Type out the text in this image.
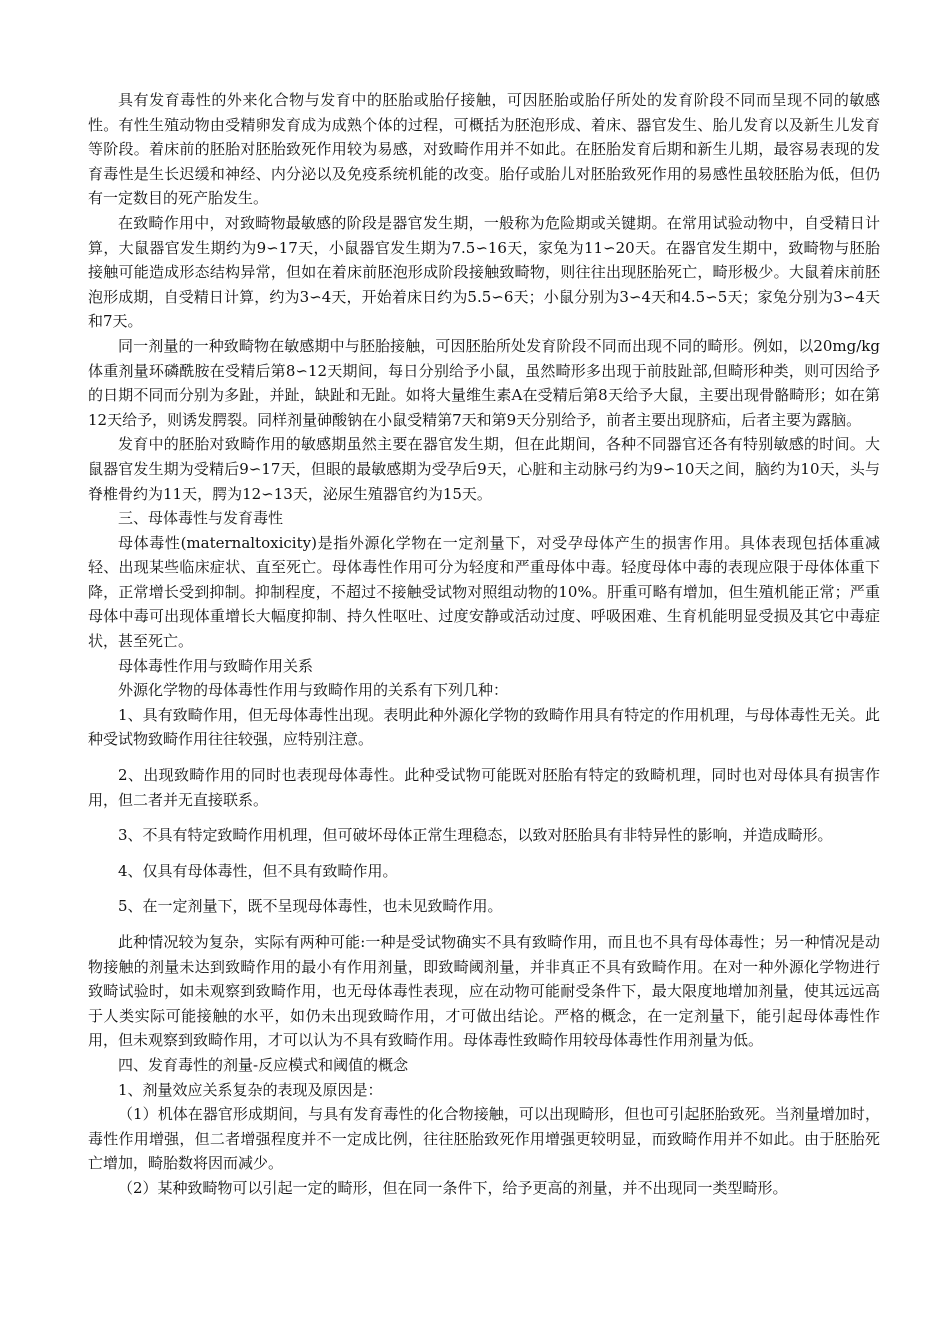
具有发育毒性的外来化合物与发育中的胚胎或胎仔接触，可因胚胎或胎仔所处的发育阶段不同而呈现不同的敏感性。有性生殖动物由受精卵发育成为成熟个体的过程，可概括为胚泡形成、着床、器官发生、胎儿发育以及新生儿发育等阶段。着床前的胚胎对胚胎致死作用较为易感，对致畸作用并不如此。在胚胎发育后期和新生儿期，最容易表现的发育毒性是生长迟缓和神经、内分泌以及免疫系统机能的改变。胎仔或胎儿对胚胎致死作用的易感性虽较胚胎为低，但仍有一定数目的死产胎发生。

在致畸作用中，对致畸物最敏感的阶段是器官发生期，一般称为危险期或关键期。在常用试验动物中，自受精日计算，大鼠器官发生期约为9∽17天，小鼠器官发生期为7.5∽16天，家兔为11∽20天。在器官发生期中，致畸物与胚胎接触可能造成形态结构异常，但如在着床前胚泡形成阶段接触致畸物，则往往出现胚胎死亡，畸形极少。大鼠着床前胚泡形成期，自受精日计算，约为3∽4天，开始着床日约为5.5∽6天；小鼠分别为3∽4天和4.5∽5天；家兔分别为3∽4天和7天。

同一剂量的一种致畸物在敏感期中与胚胎接触，可因胚胎所处发育阶段不同而出现不同的畸形。例如，以20mg/kg体重剂量环磷酰胺在受精后第8∽12天期间，每日分别给予小鼠，虽然畸形多出现于前肢趾部,但畸形种类，则可因给予的日期不同而分别为多趾，并趾，缺趾和无趾。如将大量维生素A在受精后第8天给予大鼠，主要出现骨骼畸形；如在第12天给予，则诱发腭裂。同样剂量砷酸钠在小鼠受精第7天和第9天分别给予，前者主要出现脐疝，后者主要为露脑。

发育中的胚胎对致畸作用的敏感期虽然主要在器官发生期，但在此期间，各种不同器官还各有特别敏感的时间。大鼠器官发生期为受精后9∽17天，但眼的最敏感期为受孕后9天，心脏和主动脉弓约为9∽10天之间，脑约为10天，头与脊椎骨约为11天，腭为12∽13天，泌尿生殖器官约为15天。

三、母体毒性与发育毒性

母体毒性(maternaltoxicity)是指外源化学物在一定剂量下，对受孕母体产生的损害作用。具体表现包括体重减轻、出现某些临床症状、直至死亡。母体毒性作用可分为轻度和严重母体中毒。轻度母体中毒的表现应限于母体体重下降，正常增长受到抑制。抑制程度，不超过不接触受试物对照组动物的10%。肝重可略有增加，但生殖机能正常；严重母体中毒可出现体重增长大幅度抑制、持久性呕吐、过度安静或活动过度、呼吸困难、生育机能明显受损及其它中毒症状，甚至死亡。

母体毒性作用与致畸作用关系

外源化学物的母体毒性作用与致畸作用的关系有下列几种：

1、具有致畸作用，但无母体毒性出现。表明此种外源化学物的致畸作用具有特定的作用机理，与母体毒性无关。此种受试物致畸作用往往较强，应特别注意。

2、出现致畸作用的同时也表现母体毒性。此种受试物可能既对胚胎有特定的致畸机理，同时也对母体具有损害作用，但二者并无直接联系。

3、不具有特定致畸作用机理，但可破坏母体正常生理稳态，以致对胚胎具有非特异性的影响，并造成畸形。

4、仅具有母体毒性，但不具有致畸作用。

5、在一定剂量下，既不呈现母体毒性，也未见致畸作用。

此种情况较为复杂，实际有两种可能:一种是受试物确实不具有致畸作用，而且也不具有母体毒性；另一种情况是动物接触的剂量未达到致畸作用的最小有作用剂量，即致畸阈剂量，并非真正不具有致畸作用。在对一种外源化学物进行致畸试验时，如未观察到致畸作用，也无母体毒性表现，应在动物可能耐受条件下，最大限度地增加剂量，使其远远高于人类实际可能接触的水平，如仍未出现致畸作用，才可做出结论。严格的概念，在一定剂量下，能引起母体毒性作用，但未观察到致畸作用，才可以认为不具有致畸作用。母体毒性致畸作用较母体毒性作用剂量为低。

四、发育毒性的剂量-反应模式和阈值的概念

1、剂量效应关系复杂的表现及原因是：

（1）机体在器官形成期间，与具有发育毒性的化合物接触，可以出现畸形，但也可引起胚胎致死。当剂量增加时，毒性作用增强，但二者增强程度并不一定成比例，往往胚胎致死作用增强更较明显，而致畸作用并不如此。由于胚胎死亡增加，畸胎数将因而减少。

（2）某种致畸物可以引起一定的畸形，但在同一条件下，给予更高的剂量，并不出现同一类型畸形。
